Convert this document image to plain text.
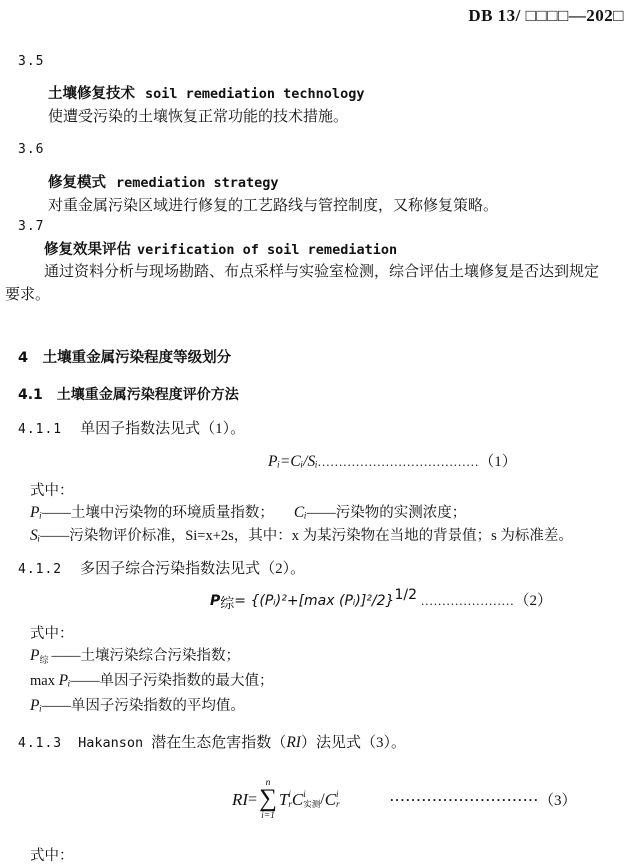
DB 13/ □□□□—202□
3.5
土壤修复技术 soil remediation technology
使遭受污染的土壤恢复正常功能的技术措施。
3.6
修复模式 remediation strategy
对重金属污染区域进行修复的工艺路线与管控制度，又称修复策略。
3.7
修复效果评估 verification of soil remediation
通过资料分析与现场勘踏、布点采样与实验室检测，综合评估土壤修复是否达到规定
要求。
4　土壤重金属污染程度等级划分
4.1　土壤重金属污染程度评价方法
4.1.1 单因子指数法见式（1）。
Pᵢ=Cᵢ/Sᵢ......................................（1）
式中：
Pᵢ——土壤中污染物的环境质量指数； Cᵢ——污染物的实测浓度；
Sᵢ——污染物评价标准，Si=x+2s，其中：x 为某污染物在当地的背景值；s 为标准差。
4.1.2 多因子综合污染指数法见式（2）。
P综= {(Pᵢ)²+[max (Pᵢ)]²/2}1/2 ......................（2）
式中：
P综 ——土壤污染综合污染指数；
max Pᵢ——单因子污染指数的最大值；
Pᵢ——单因子污染指数的平均值。
4.1.3 Hakanson 潜在生态危害指数（RI）法见式（3）。
RI =
n
∑
i=1
T i
r C i
实测 / C i
r	···························· （3）
式中：
